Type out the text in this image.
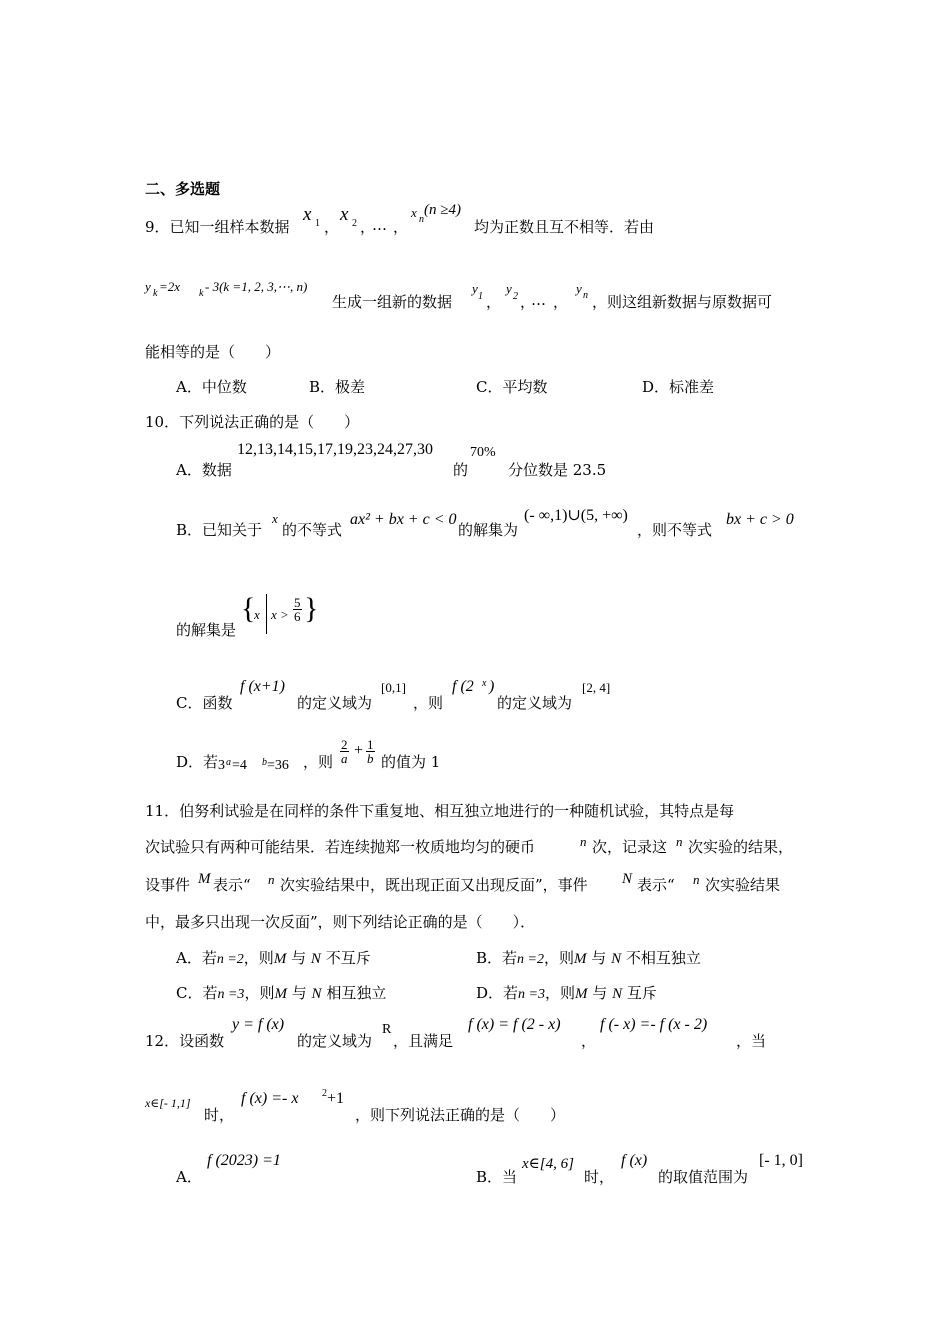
二、多选题
9．已知一组样本数据
x 1 ，
x 2 ，
… ，
x n
(n ≥4)
均为正数且互不相等．若由
y k =2x k - 3(k =1, 2, 3,⋯, n)
生成一组新的数据
y
1 ，
y
2 ，
… ，
y n ，则这组新数据与原数据可
能相等的是（　　）
A．中位数	B．极差	C．平均数	D．标准差
10．下列说法正确的是（　　）
A．数据
12,13,14,15,17,19,23,24,27,30
的
70%
分位数是 23.5
B．已知关于
x
的不等式
ax² + bx + c < 0
的解集为
(- ∞,1)∪(5, +∞)
，则不等式
bx + c > 0
的解集是
{
x $x > \frac{5}{6}$ }
C．函数
f (x+1)
的定义域为
[0,1]
，则
f (2 x )
的定义域为
[2, 4]
D．若 3 a =4 b =36 ，则 $\frac{2}{a} + \frac{1}{b}$ 的值为 1
11．伯努利试验是在同样的条件下重复地、相互独立地进行的一种随机试验，其特点是每
次试验只有两种可能结果．若连续抛郑一枚质地均匀的硬币	n 次，记录这 n 次实验的结果，
设事件 M 表示“ n 次实验结果中，既出现正面又出现反面”，事件 N 表示“ n 次实验结果
中，最多只出现一次反面”，则下列结论正确的是（　　）．
A．若n =2，则M 与 N 不互斥	B．若n =2，则M 与 N 不相互独立
C．若n =3，则M 与 N 相互独立	D．若n =3，则M 与 N 互斥
12．设函数
y = f (x)
的定义域为
R
，且满足
f (x) = f (2 - x)
，
f (- x) =- f (x - 2)
，当
x∈[- 1,1]
时，
f (x) =- x 2 +1
，则下列说法正确的是（　　）
A．
f (2023) =1
B．当
x∈[4, 6]
时，
f (x)
的取值范围为
[- 1, 0]
